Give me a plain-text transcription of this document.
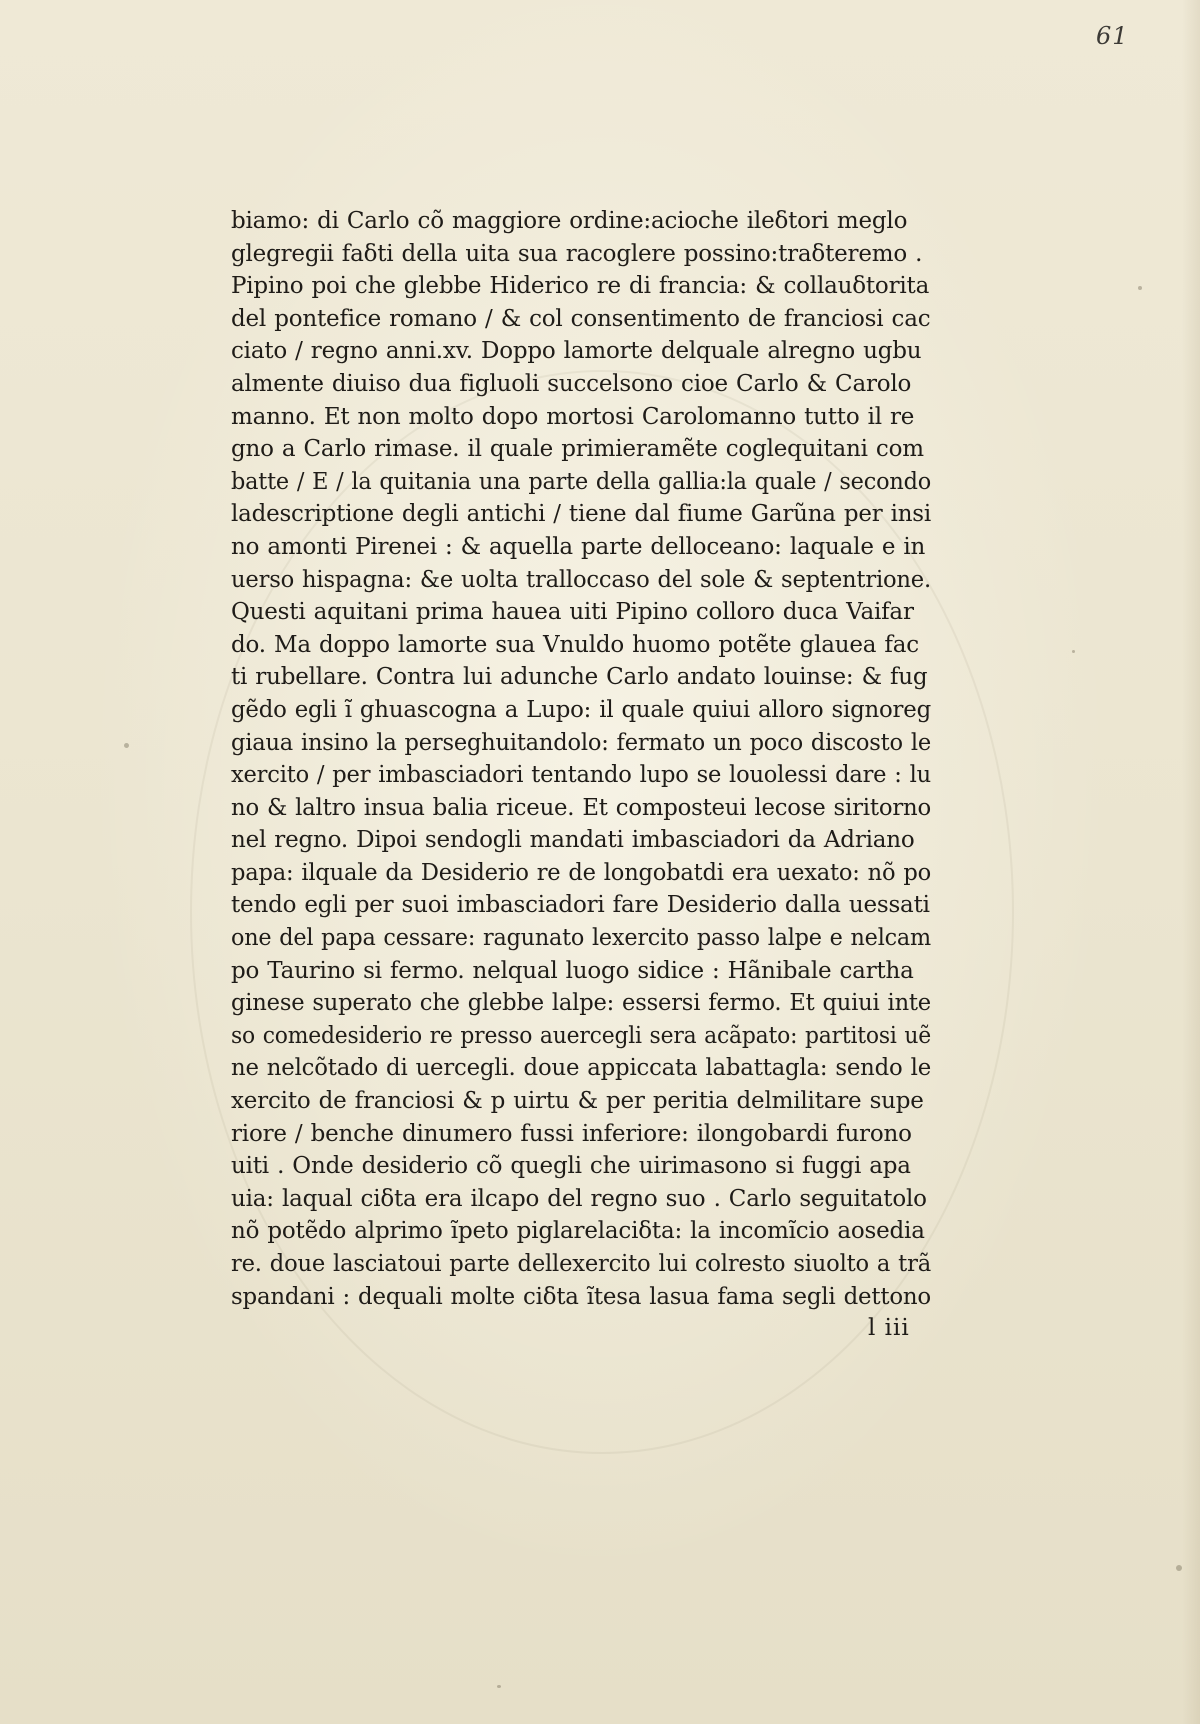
61
biamo: di Carlo cõ maggiore ordine:acioche ileδtori meglo
glegregii faδti della uita sua racoglere possino:traδteremo .
Pipino poi che glebbe Hiderico re di francia: & collauδtorita
del pontefice romano / & col consentimento de franciosi cac
ciato / regno anni.xv. Doppo lamorte delquale alregno ugbu
almente diuiso dua figluoli succelsono cioe Carlo & Carolo
manno. Et non molto dopo mortosi Carolomanno tutto il re
gno a Carlo rimase. il quale primieramẽte coglequitani com
batte / E / la quitania una parte della gallia:la quale / secondo
ladescriptione degli antichi / tiene dal fiume Garũna per insi
no amonti Pirenei : & aquella parte delloceano: laquale e in
uerso hispagna: &e uolta tralloccaso del sole & septentrione.
Questi aquitani prima hauea uiti Pipino colloro duca Vaifar
do. Ma doppo lamorte sua Vnuldo huomo potẽte glauea fac
ti rubellare. Contra lui adunche Carlo andato louinse: & fug
gẽdo egli ĩ ghuascogna a Lupo: il quale quiui alloro signoreg
giaua insino la perseghuitandolo: fermato un poco discosto le
xercito / per imbasciadori tentando lupo se louolessi dare : lu
no & laltro insua balia riceue. Et composteui lecose siritorno
nel regno. Dipoi sendogli mandati imbasciadori da Adriano
papa: ilquale da Desiderio re de longobatdi era uexato: nõ po
tendo egli per suoi imbasciadori fare Desiderio dalla uessati
one del papa cessare: ragunato lexercito passo lalpe e nelcam
po Taurino si fermo. nelqual luogo sidice : Hãnibale cartha
ginese superato che glebbe lalpe: essersi fermo. Et quiui inte
so comedesiderio re presso auercegli sera acãpato: partitosi uẽ
ne nelcõtado di uercegli. doue appiccata labattagla: sendo le
xercito de franciosi & p uirtu & per peritia delmilitare supe
riore / benche dinumero fussi inferiore: ilongobardi furono
uiti . Onde desiderio cõ quegli che uirimasono si fuggi apa
uia: laqual ciδta era ilcapo del regno suo . Carlo seguitatolo
nõ potẽdo alprimo ĩpeto piglarelaciδta: la incomĩcio aosedia
re. doue lasciatoui parte dellexercito lui colresto siuolto a trã
spandani : dequali molte ciδta ĩtesa lasua fama segli dettono
l iii
